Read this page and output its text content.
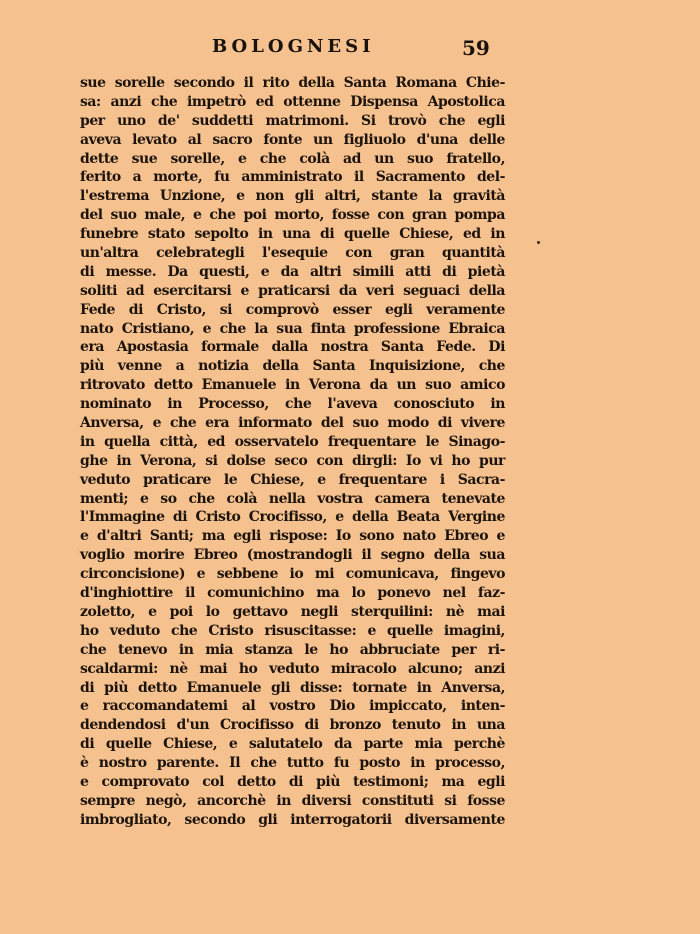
BOLOGNESI	59
sue sorelle secondo il rito della Santa Romana Chie-
sa: anzi che impetrò ed ottenne Dispensa Apostolica
per uno de' suddetti matrimoni. Si trovò che egli
aveva levato al sacro fonte un figliuolo d'una delle
dette sue sorelle, e che colà ad un suo fratello,
ferito a morte, fu amministrato il Sacramento del-
l'estrema Unzione, e non gli altri, stante la gravità
del suo male, e che poi morto, fosse con gran pompa
funebre stato sepolto in una di quelle Chiese, ed in
un'altra celebrategli l'esequie con gran quantità
di messe. Da questi, e da altri simili atti di pietà
soliti ad esercitarsi e praticarsi da veri seguaci della
Fede di Cristo, si comprovò esser egli veramente
nato Cristiano, e che la sua finta professione Ebraica
era Apostasia formale dalla nostra Santa Fede. Di
più venne a notizia della Santa Inquisizione, che
ritrovato detto Emanuele in Verona da un suo amico
nominato in Processo, che l'aveva conosciuto in
Anversa, e che era informato del suo modo di vivere
in quella città, ed osservatelo frequentare le Sinago-
ghe in Verona, si dolse seco con dirgli: Io vi ho pur
veduto praticare le Chiese, e frequentare i Sacra-
menti; e so che colà nella vostra camera tenevate
l'Immagine di Cristo Crocifisso, e della Beata Vergine
e d'altri Santi; ma egli rispose: Io sono nato Ebreo e
voglio morire Ebreo (mostrandogli il segno della sua
circoncisione) e sebbene io mi comunicava, fingevo
d'inghiottire il comunichino ma lo ponevo nel faz-
zoletto, e poi lo gettavo negli sterquilini: nè mai
ho veduto che Cristo risuscitasse: e quelle imagini,
che tenevo in mia stanza le ho abbruciate per ri-
scaldarmi: nè mai ho veduto miracolo alcuno; anzi
di più detto Emanuele gli disse: tornate in Anversa,
e raccomandatemi al vostro Dio impiccato, inten-
dendendosi d'un Crocifisso di bronzo tenuto in una
di quelle Chiese, e salutatelo da parte mia perchè
è nostro parente. Il che tutto fu posto in processo,
e comprovato col detto di più testimoni; ma egli
sempre negò, ancorchè in diversi constituti si fosse
imbrogliato, secondo gli interrogatorii diversamente
